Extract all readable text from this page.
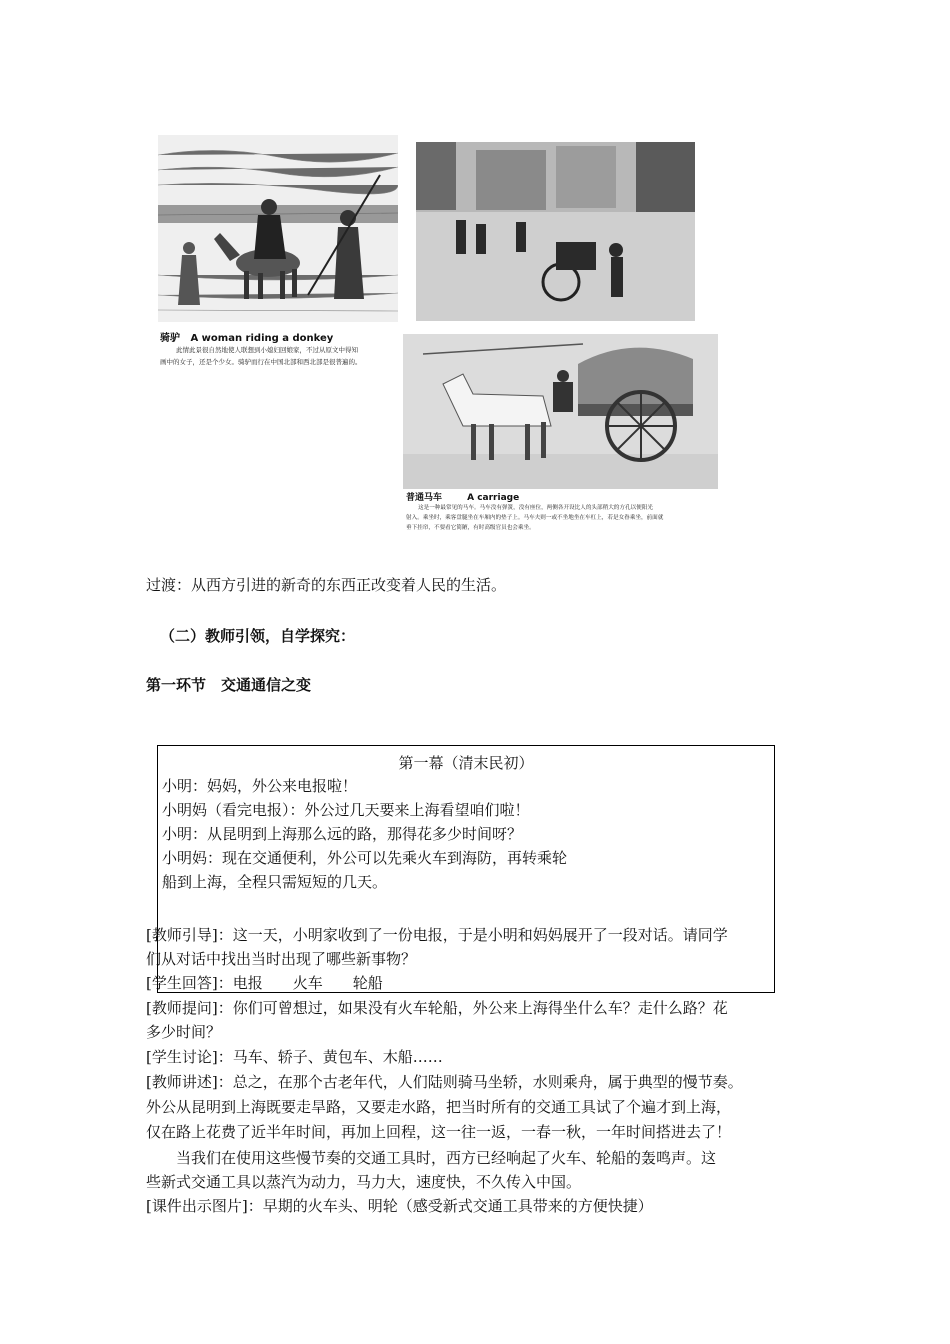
骑驴 A woman riding a donkey
此情此景很自然地使人联想到小媳妇回娘家，不过从原文中得知
画中的女子，还是个少女。骑驴而行在中国北部和西北部是很普遍的。
普通马车	A carriage
这是一种最常见的马车。马车没有弹簧，没有座位，两侧各开设比人的头部稍大的方孔以便阳光
射入。乘坐时，乘客盘腿坐在车厢内的垫子上。马车夫则一或不坐地坐在车杠上，若是女眷乘坐，前面就
垂下挂帘，不要看它简陋，有时高级官员也会乘坐。
过渡：从西方引进的新奇的东西正改变着人民的生活。
（二）教师引领，自学探究：
第一环节　交通通信之变
第一幕（清末民初）
小明：妈妈，外公来电报啦！
小明妈（看完电报）：外公过几天要来上海看望咱们啦！
小明：从昆明到上海那么远的路，那得花多少时间呀？
小明妈：现在交通便利，外公可以先乘火车到海防，再转乘轮
船到上海，全程只需短短的几天。
[教师引导]：这一天，小明家收到了一份电报，于是小明和妈妈展开了一段对话。请同学
们从对话中找出当时出现了哪些新事物？
[学生回答]：电报　　火车　　轮船
[教师提问]：你们可曾想过，如果没有火车轮船，外公来上海得坐什么车？走什么路？花
多少时间？
[学生讨论]：马车、轿子、黄包车、木船……
[教师讲述]：总之，在那个古老年代，人们陆则骑马坐轿，水则乘舟，属于典型的慢节奏。
外公从昆明到上海既要走旱路，又要走水路，把当时所有的交通工具试了个遍才到上海，
仅在路上花费了近半年时间，再加上回程，这一往一返，一春一秋，一年时间搭进去了！
　　当我们在使用这些慢节奏的交通工具时，西方已经响起了火车、轮船的轰鸣声。这
些新式交通工具以蒸汽为动力，马力大，速度快，不久传入中国。
[课件出示图片]：早期的火车头、明轮（感受新式交通工具带来的方便快捷）
